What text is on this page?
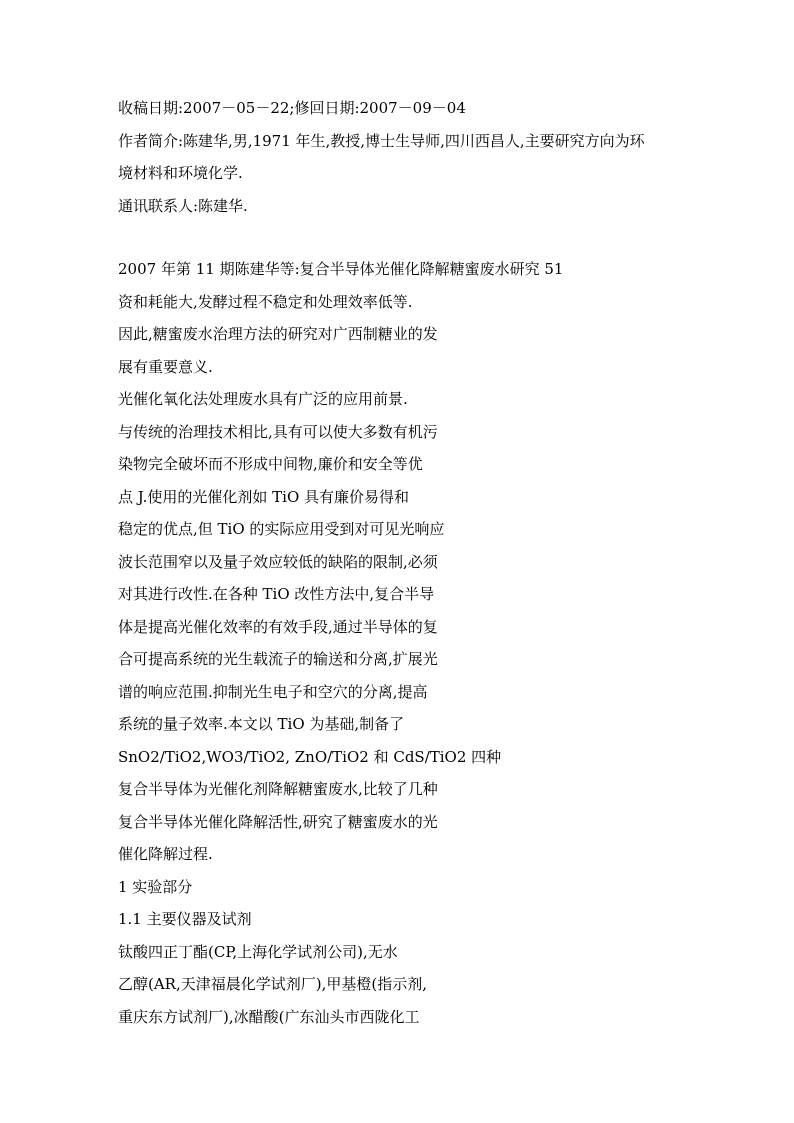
收稿日期:2007－05－22;修回日期:2007－09－04
作者简介:陈建华,男,1971 年生,教授,博士生导师,四川西昌人,主要研究方向为环
境材料和环境化学.
通讯联系人:陈建华.
2007 年第 11 期陈建华等:复合半导体光催化降解糖蜜废水研究 51
资和耗能大,发酵过程不稳定和处理效率低等.
因此,糖蜜废水治理方法的研究对广西制糖业的发
展有重要意义.
光催化氧化法处理废水具有广泛的应用前景.
与传统的治理技术相比,具有可以使大多数有机污
染物完全破坏而不形成中间物,廉价和安全等优
点 J.使用的光催化剂如 TiO 具有廉价易得和
稳定的优点,但 TiO 的实际应用受到对可见光响应
波长范围窄以及量子效应较低的缺陷的限制,必须
对其进行改性.在各种 TiO 改性方法中,复合半导
体是提高光催化效率的有效手段,通过半导体的复
合可提高系统的光生载流子的输送和分离,扩展光
谱的响应范围.抑制光生电子和空穴的分离,提高
系统的量子效率.本文以 TiO 为基础,制备了
SnO2/TiO2,WO3/TiO2, ZnO/TiO2 和 CdS/TiO2 四种
复合半导体为光催化剂降解糖蜜废水,比较了几种
复合半导体光催化降解活性,研究了糖蜜废水的光
催化降解过程.
1 实验部分
1.1 主要仪器及试剂
钛酸四正丁酯(CP,上海化学试剂公司),无水
乙醇(AR,天津福晨化学试剂厂),甲基橙(指示剂,
重庆东方试剂厂),冰醋酸(广东汕头市西陇化工
